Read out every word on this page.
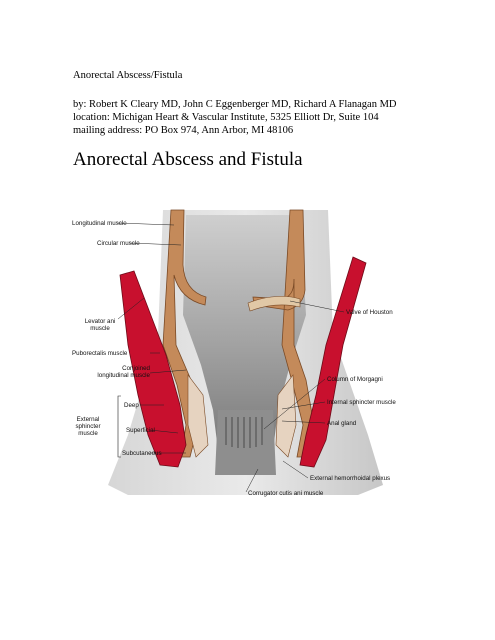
Anorectal Abscess/Fistula
by: Robert K Cleary MD, John C Eggenberger MD, Richard A Flanagan MD
location: Michigan Heart & Vascular Institute, 5325 Elliott Dr, Suite 104
mailing address: PO Box 974, Ann Arbor, MI 48106
Anorectal Abscess and Fistula
Longitudinal muscle
Circular muscle
Levator ani
muscle
Puborectalis muscle
Conjoined
longitudinal muscle
External
sphincter
muscle
Deep
Superficial
Subcutaneous
Valve of Houston
Column of Morgagni
Internal sphincter muscle
Anal gland
External hemorrhoidal plexus
Corrugator cutis ani muscle
